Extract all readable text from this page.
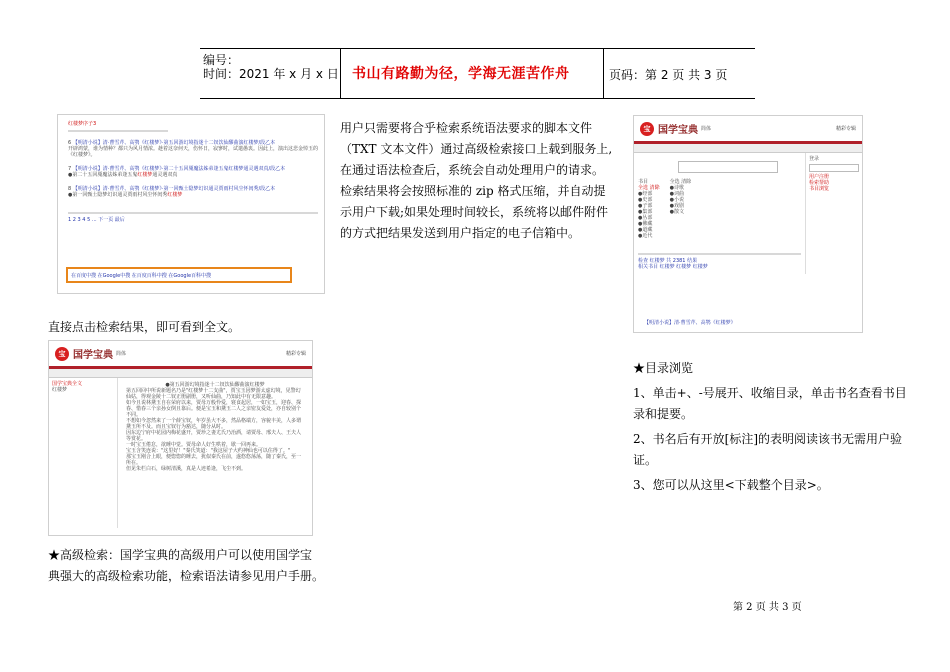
编号：
时间：2021 年 x 月 x 日 书山有路勤为径，学海无涯苦作舟	页码：第 2 页 共 3 页
红楼梦序子3
6 【明清小说】清·曹雪芹、高鹗《红楼梦》·第五回游幻境指迷十二钗饮仙醪曲演红楼梦/段乙本
开辟鸿蒙，谁为情种？都只为风月情浓。趁着这奈何天，伤怀日，寂寥时，试遣愚衷。因此上，演出这悲金悼玉的《红楼梦》。
7 【明清小说】清·曹雪芹、高鹗《红楼梦》·第二十五回魇魔法姊弟逢五鬼红楼梦通灵遇双真/段乙本
●第二十五回魇魔法姊弟逢五鬼红楼梦通灵遇双真
8 【明清小说】清·曹雪芹、高鹗《红楼梦》·第一回甄士隐梦幻识通灵贾雨村风尘怀闺秀/段乙本
●第一回甄士隐梦幻识通灵贾雨村风尘怀闺秀红楼梦
1 2 3 4 5 ... 下一页 最后
在百度中搜 在Google中搜 在百度百科中搜 在Google百科中搜

用户只需要将合乎检索系统语法要求的脚本文件

（TXT 文本文件）通过高级检索接口上载到服务上,

在通过语法检查后，系统会自动处理用户的请求。

检索结果将会按照标准的 zip 格式压缩，并自动提

示用户下载;如果处理时间较长，系统将以邮件附件

的方式把结果发送到用户指定的电子信箱中。

宝 国学宝典 简体	精彩专辑
书目
全选 清除
●经部
●史部
●子部
●集部
●丛部
●佛藏
●道藏
●近代
全选 清除
●诗歌
●词曲
●小说
●戏剧
●散文
检查 红楼梦 共 2381 结果
相关书目 红楼梦 红楼梦 红楼梦
登录
用户注册
检索帮助
书目浏览
【明清小说】清·曹雪芹、高鹗《红楼梦》
直接点击检索结果，即可看到全文。
宝 国学宝典 简体	精彩专辑
国学宝典全文
红楼梦
●第五回游幻境指迷十二钗饮仙醪曲演红楼梦
第五回回中所说新题名乃是"红楼梦十二支曲"，贾宝玉因梦游太虚幻境，见警幻仙姑，得观金陵十二钗正册副册，又听仙曲，乃知此中有无限意趣。
如今且说林黛玉自在荣府以来，贾母万般怜爱，寝食起居，一如宝玉，迎春、探春、惜春三个亲孙女倒且靠后。便是宝玉和黛玉二人之亲密友爱处，亦自较别个不同。
不想如今忽然来了一个薛宝钗，年岁虽大不多，然品格端方，容貌丰美，人多谓黛玉所不及。而且宝钗行为豁达，随分从时。
因东边宁府中花园内梅花盛开，贾珍之妻尤氏乃治酒，请贾母、邢夫人、王夫人等赏花。
一时宝玉倦怠，欲睡中觉。贾母命人好生哄着，歇一回再来。
宝玉含笑连说："这里好！"秦氏笑道："我这屋子大约神仙也可以住得了。"
那宝玉刚合上眼，便惚惚的睡去，犹似秦氏在前，遂悠悠荡荡，随了秦氏，至一所在。
但见朱栏白石，绿树清溪，真是人迹希逢，飞尘不到。

★高级检索：国学宝典的高级用户可以使用国学宝

典强大的高级检索功能，检索语法请参见用户手册。

★目录浏览

1、单击+、-号展开、收缩目录，单击书名查看书目

录和提要。

2、书名后有开放[标注]的表明阅读该书无需用户验

证。

3、您可以从这里<下载整个目录>。

第 2 页 共 3 页
